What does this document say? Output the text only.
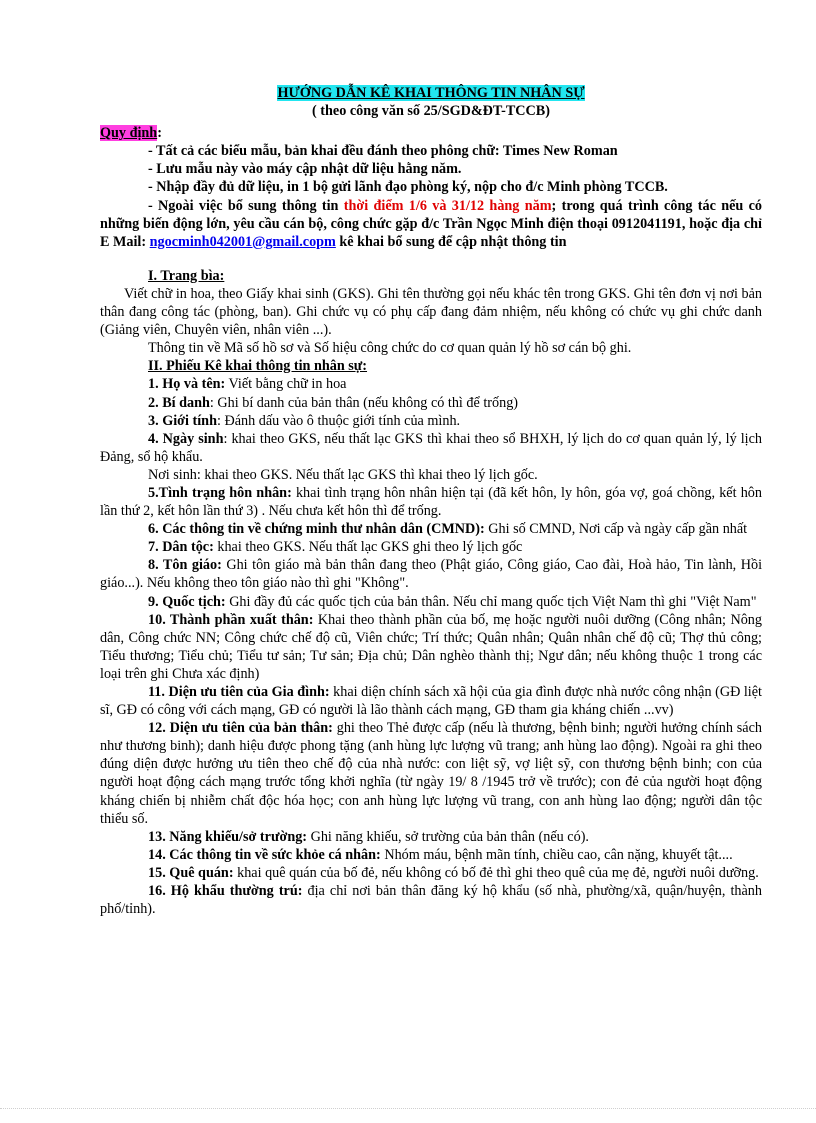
HƯỚNG DẪN KÊ KHAI THÔNG TIN NHÂN SỰ

( theo công văn số 25/SGD&ĐT-TCCB)

Quy định:

- Tất cả các biểu mẫu, bản khai đều đánh theo phông chữ: Times New Roman

- Lưu mẫu này vào máy cập nhật dữ liệu hằng năm.

- Nhập đầy đủ dữ liệu, in 1 bộ gửi lãnh đạo phòng ký, nộp cho đ/c Minh phòng TCCB.

- Ngoài việc bổ sung thông tin thời điểm 1/6 và 31/12 hàng năm; trong quá trình công tác nếu có những biến động lớn, yêu cầu cán bộ, công chức gặp đ/c Trần Ngọc Minh điện thoại 0912041191, hoặc địa chỉ E Mail: ngocminh042001@gmail.copm kê khai bổ sung để cập nhật thông tin

I. Trang bìa:

Viết chữ in hoa, theo Giấy khai sinh (GKS). Ghi tên thường gọi nếu khác tên trong GKS. Ghi tên đơn vị nơi bản thân đang công tác (phòng, ban). Ghi chức vụ có phụ cấp đang đảm nhiệm, nếu không có chức vụ ghi chức danh (Giảng viên, Chuyên viên, nhân viên ...).

Thông tin về Mã số hồ sơ và Số hiệu công chức do cơ quan quản lý hồ sơ cán bộ ghi.

II. Phiếu Kê khai thông tin nhân sự:

1. Họ và tên: Viết bằng chữ in hoa

2. Bí danh: Ghi bí danh của bản thân (nếu không có thì để trống)

3. Giới tính: Đánh dấu vào ô thuộc giới tính của mình.

4. Ngày sinh: khai theo GKS, nếu thất lạc GKS thì khai theo sổ BHXH, lý lịch do cơ quan quản lý, lý lịch Đảng, sổ hộ khẩu.

Nơi sinh: khai theo GKS. Nếu thất lạc GKS thì khai theo lý lịch gốc.

5.Tình trạng hôn nhân: khai tình trạng hôn nhân hiện tại (đã kết hôn, ly hôn, góa vợ, goá chồng, kết hôn lần thứ 2, kết hôn lần thứ 3) . Nếu chưa kết hôn thì để trống.

6. Các thông tin về chứng minh thư nhân dân (CMND): Ghi số CMND, Nơi cấp và ngày cấp gần nhất

7. Dân tộc: khai theo GKS. Nếu thất lạc GKS ghi theo lý lịch gốc

8. Tôn giáo: Ghi tôn giáo mà bản thân đang theo (Phật giáo, Công giáo, Cao đài, Hoà hảo, Tin lành, Hồi giáo...). Nếu không theo tôn giáo nào thì ghi "Không".

9. Quốc tịch: Ghi đầy đủ các quốc tịch của bản thân. Nếu chỉ mang quốc tịch Việt Nam thì ghi "Việt Nam"

10. Thành phần xuất thân: Khai theo thành phần của bố, mẹ hoặc người nuôi dưỡng (Công nhân; Nông dân, Công chức NN; Công chức chế độ cũ, Viên chức; Trí thức; Quân nhân; Quân nhân chế độ cũ; Thợ thủ công; Tiểu thương; Tiểu chủ; Tiểu tư sản; Tư sản; Địa chủ; Dân nghèo thành thị; Ngư dân; nếu không thuộc 1 trong các loại trên ghi Chưa xác định)

11. Diện ưu tiên của Gia đình: khai diện chính sách xã hội của gia đình được nhà nước công nhận (GĐ liệt sĩ, GĐ có công với cách mạng, GĐ có người là lão thành cách mạng, GĐ tham gia kháng chiến ...vv)

12. Diện ưu tiên của bản thân: ghi theo Thẻ được cấp (nếu là thương, bệnh binh; người hưởng chính sách như thương binh); danh hiệu được phong tặng (anh hùng lực lượng vũ trang; anh hùng lao động). Ngoài ra ghi theo đúng diện được hưởng ưu tiên theo chế độ của nhà nước: con liệt sỹ, vợ liệt sỹ, con thương bệnh binh; con của người hoạt động cách mạng trước tổng khởi nghĩa (từ ngày 19/ 8 /1945 trở về trước); con đẻ của người hoạt động kháng chiến bị nhiễm chất độc hóa học; con anh hùng lực lượng vũ trang, con anh hùng lao động; người dân tộc thiểu số.

13. Năng khiếu/sở trường: Ghi năng khiếu, sở trường của bản thân (nếu có).

14. Các thông tin về sức khỏe cá nhân: Nhóm máu, bệnh mãn tính, chiều cao, cân nặng, khuyết tật....

15. Quê quán: khai quê quán của bố đẻ, nếu không có bố đẻ thì ghi theo quê của mẹ đẻ, người nuôi dưỡng.

16. Hộ khẩu thường trú: địa chỉ nơi bản thân đăng ký hộ khẩu (số nhà, phường/xã, quận/huyện, thành phố/tỉnh).
